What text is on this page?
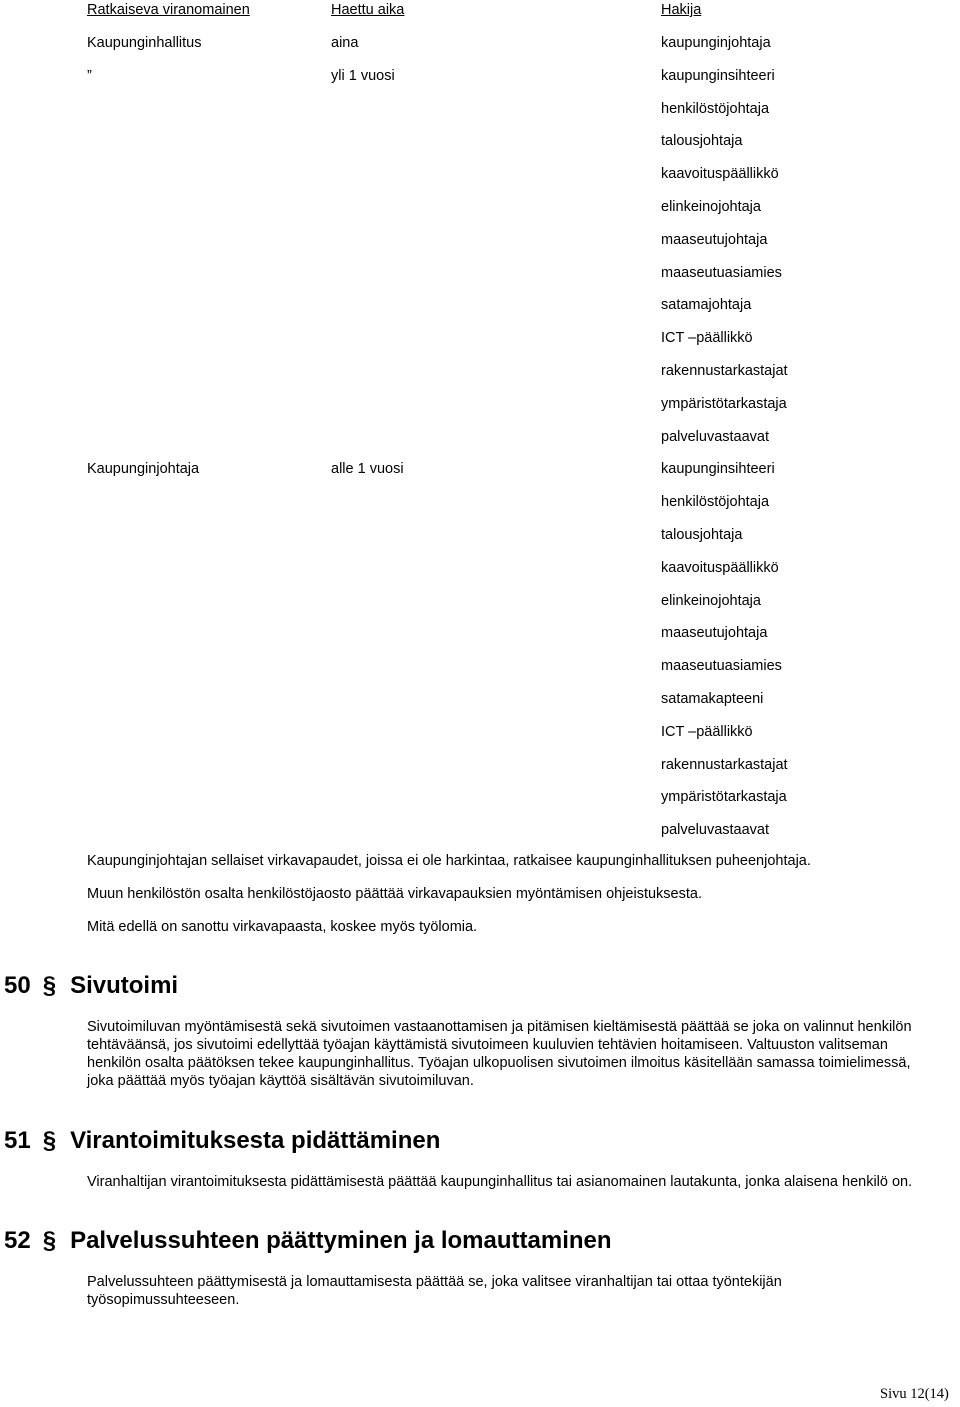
Ratkaiseva viranomainen	Haettu aika	Hakija
Kaupunginhallitus	aina	kaupunginjohtaja
”	yli 1 vuosi	kaupunginsihteeri
henkilöstöjohtaja
talousjohtaja
kaavoituspäällikkö
elinkeinojohtaja
maaseutujohtaja
maaseutuasiamies
satamajohtaja
ICT –päällikkö
rakennustarkastajat
ympäristötarkastaja
palveluvastaavat
Kaupunginjohtaja	alle 1 vuosi	kaupunginsihteeri
henkilöstöjohtaja
talousjohtaja
kaavoituspäällikkö
elinkeinojohtaja
maaseutujohtaja
maaseutuasiamies
satamakapteeni
ICT –päällikkö
rakennustarkastajat
ympäristötarkastaja
palveluvastaavat
Kaupunginjohtajan sellaiset virkavapaudet, joissa ei ole harkintaa, ratkaisee kaupunginhallituksen puheenjohtaja.
Muun henkilöstön osalta henkilöstöjaosto päättää virkavapauksien myöntämisen ohjeistuksesta.
Mitä edellä on sanottu virkavapaasta, koskee myös työlomia.
50 § Sivutoimi
Sivutoimiluvan myöntämisestä sekä sivutoimen vastaanottamisen ja pitämisen kieltämisestä päättää se joka on valinnut henkilön
tehtäväänsä, jos sivutoimi edellyttää työajan käyttämistä sivutoimeen kuuluvien tehtävien hoitamiseen. Valtuuston valitseman
henkilön osalta päätöksen tekee kaupunginhallitus. Työajan ulkopuolisen sivutoimen ilmoitus käsitellään samassa toimielimessä,
joka päättää myös työajan käyttöä sisältävän sivutoimiluvan.
51 § Virantoimituksesta pidättäminen
Viranhaltijan virantoimituksesta pidättämisestä päättää kaupunginhallitus tai asianomainen lautakunta, jonka alaisena henkilö on.
52 § Palvelussuhteen päättyminen ja lomauttaminen
Palvelussuhteen päättymisestä ja lomauttamisesta päättää se, joka valitsee viranhaltijan tai ottaa työntekijän
työsopimussuhteeseen.
Sivu 12(14)
